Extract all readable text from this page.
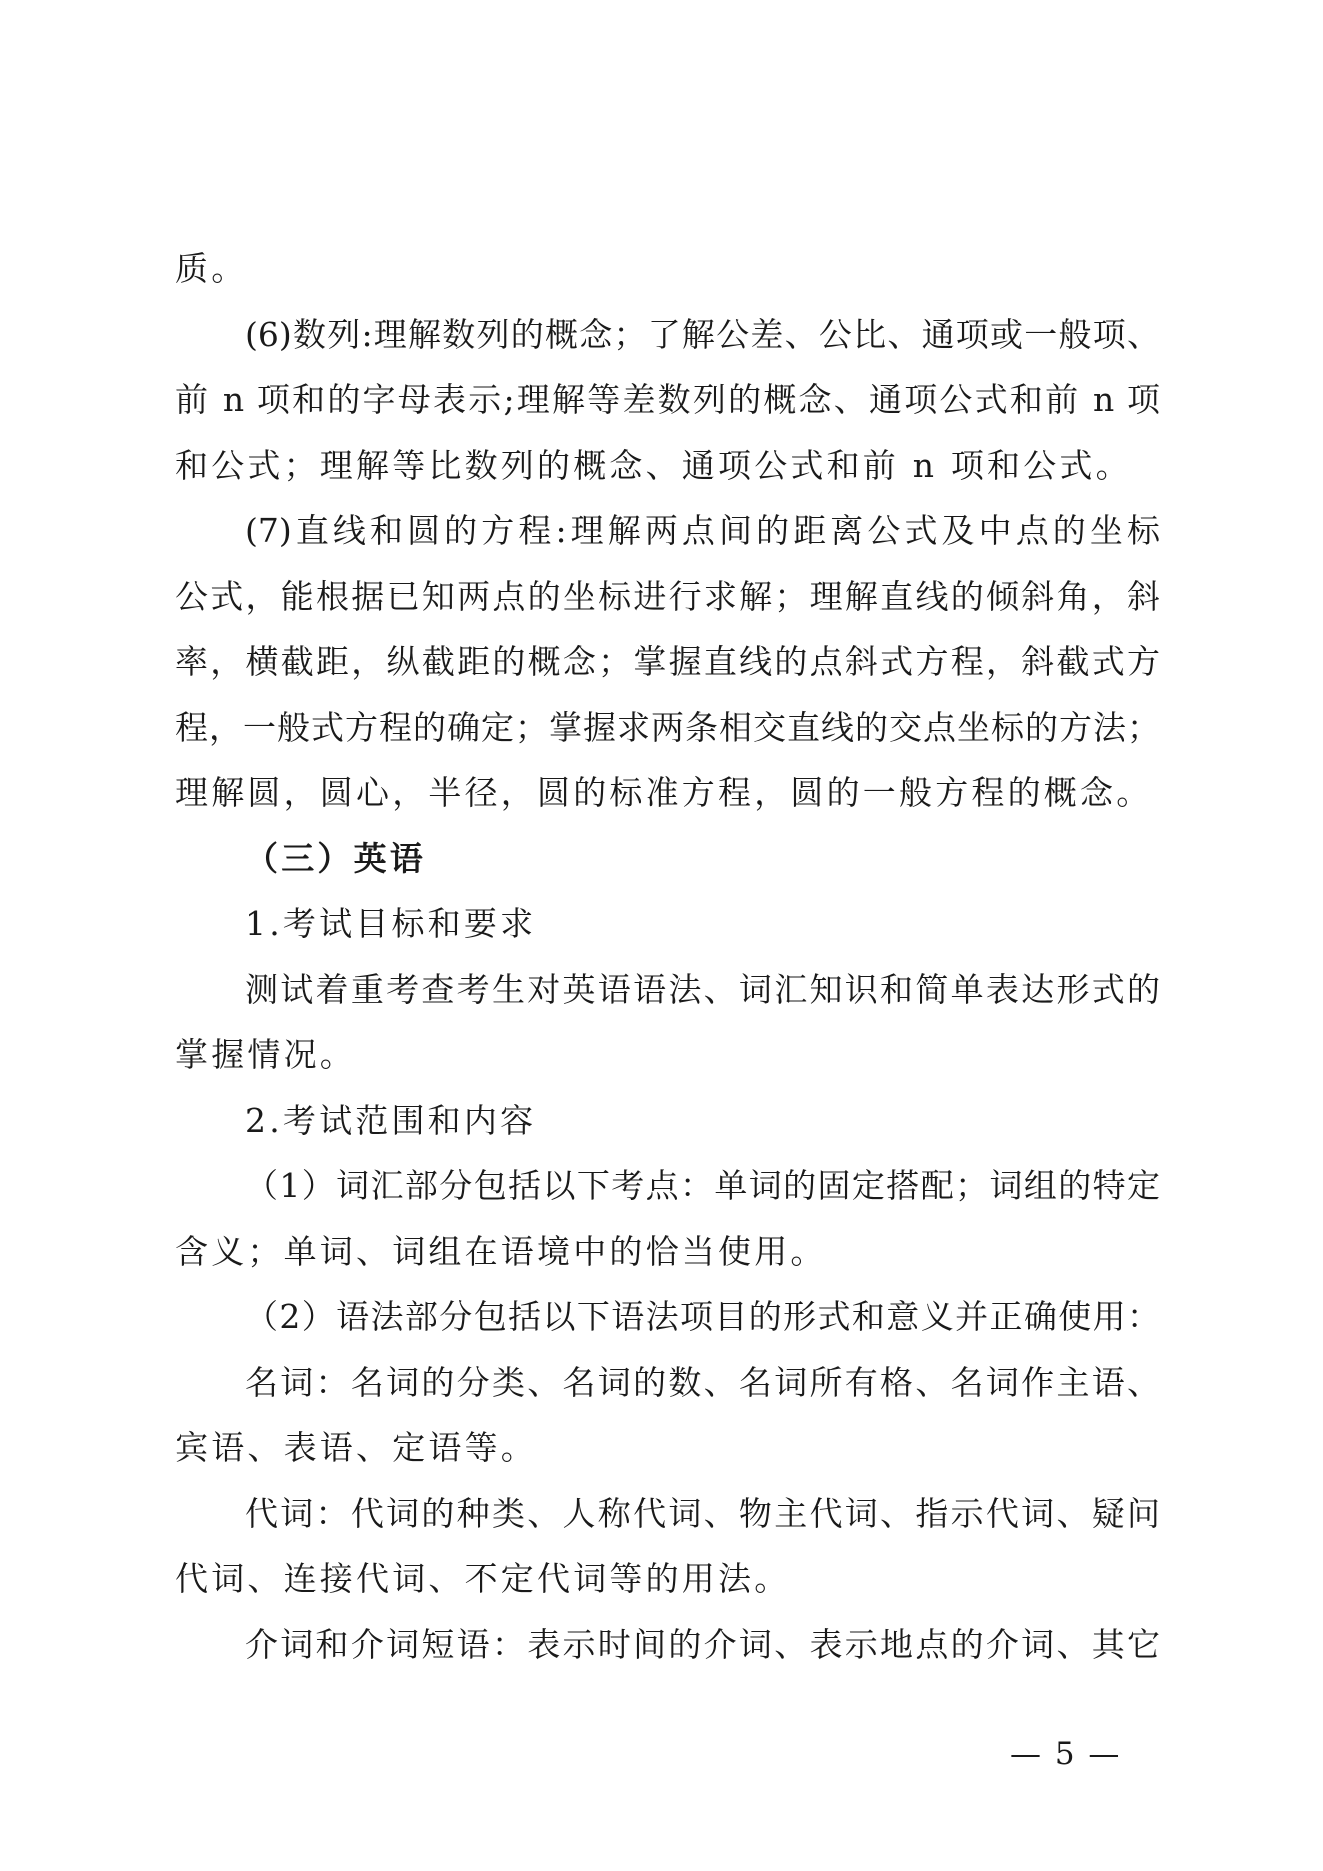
质。
(6)数列:理解数列的概念；了解公差、公比、通项或一般项、
前 n 项和的字母表示;理解等差数列的概念、通项公式和前 n 项
和公式；理解等比数列的概念、通项公式和前 n 项和公式。
(7)直线和圆的方程:理解两点间的距离公式及中点的坐标
公式，能根据已知两点的坐标进行求解；理解直线的倾斜角，斜
率，横截距，纵截距的概念；掌握直线的点斜式方程，斜截式方
程，一般式方程的确定；掌握求两条相交直线的交点坐标的方法；
理解圆，圆心，半径，圆的标准方程，圆的一般方程的概念。
（三）英语
1.考试目标和要求
测试着重考查考生对英语语法、词汇知识和简单表达形式的
掌握情况。
2.考试范围和内容
（1）词汇部分包括以下考点：单词的固定搭配；词组的特定
含义；单词、词组在语境中的恰当使用。
（2）语法部分包括以下语法项目的形式和意义并正确使用：
名词：名词的分类、名词的数、名词所有格、名词作主语、
宾语、表语、定语等。
代词：代词的种类、人称代词、物主代词、指示代词、疑问
代词、连接代词、不定代词等的用法。
介词和介词短语：表示时间的介词、表示地点的介词、其它
— 5 —
